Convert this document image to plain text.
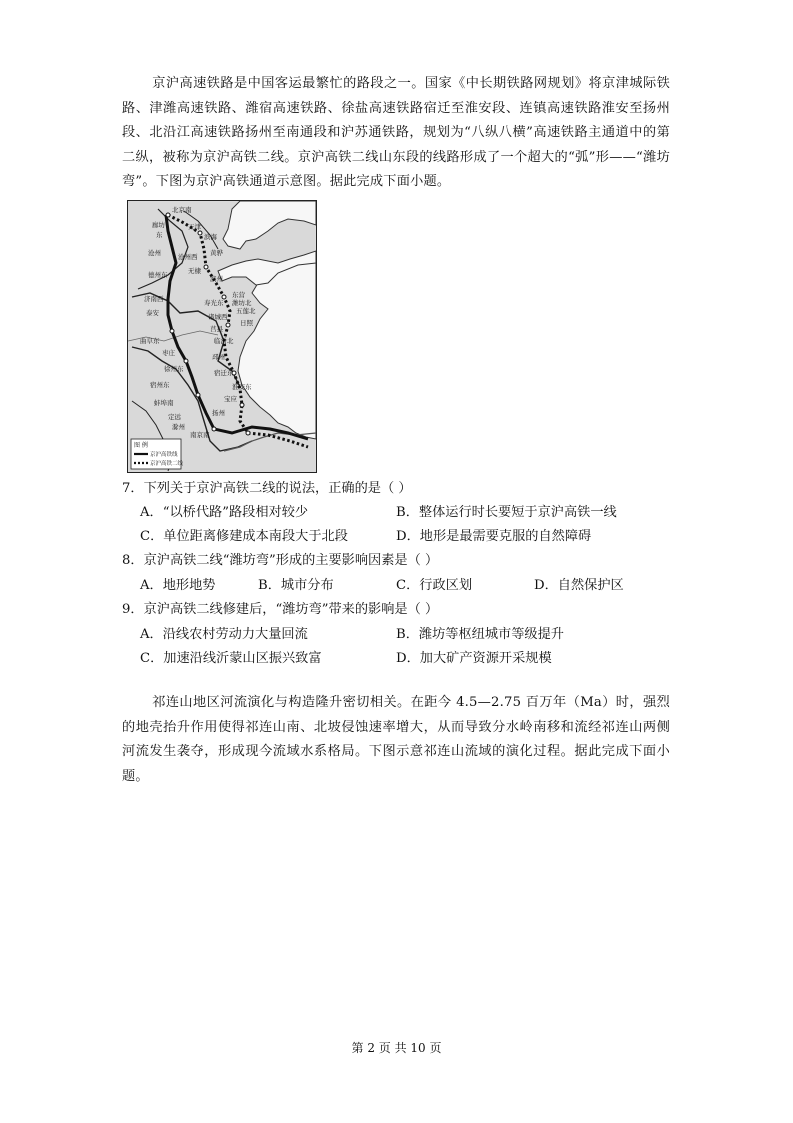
京沪高速铁路是中国客运最繁忙的路段之一。国家《中长期铁路网规划》将京津城际铁路、津潍高速铁路、潍宿高速铁路、徐盐高速铁路宿迁至淮安段、连镇高速铁路淮安至扬州段、北沿江高速铁路扬州至南通段和沪苏通铁路，规划为“八纵八横”高速铁路主通道中的第二纵，被称为京沪高铁二线。京沪高铁二线山东段的线路形成了一个超大的“弧”形——“潍坊弯”。下图为京沪高铁通道示意图。据此完成下面小题。
北京南
天津
滨海
廊坊
东
沧州	黄骅
沧州西
德州东	无棣
滨州
济南西	东营
泰安
潍坊北
寿光东
诸城西
曲阜东
莒县
日照
临沂北
五莲北
枣庄	邳州
宿迁东
徐州东
淮安东
宿州东
宝应
蚌埠南
扬州
定远
南京南
滁州
图 例
京沪高铁线
京沪高铁二线
7．下列关于京沪高铁二线的说法，正确的是（ ）
A．“以桥代路”路段相对较少	B．整体运行时长要短于京沪高铁一线
C．单位距离修建成本南段大于北段	D．地形是最需要克服的自然障碍
8．京沪高铁二线“潍坊弯”形成的主要影响因素是（ ）
A．地形地势	B．城市分布	C．行政区划	D．自然保护区
9．京沪高铁二线修建后，“潍坊弯”带来的影响是（ ）
A．沿线农村劳动力大量回流	B．潍坊等枢纽城市等级提升
C．加速沿线沂蒙山区振兴致富	D．加大矿产资源开采规模
祁连山地区河流演化与构造隆升密切相关。在距今 4.5—2.75 百万年（Ma）时，强烈的地壳抬升作用使得祁连山南、北坡侵蚀速率增大，从而导致分水岭南移和流经祁连山两侧河流发生袭夺，形成现今流域水系格局。下图示意祁连山流域的演化过程。据此完成下面小题。
第 2 页 共 10 页
